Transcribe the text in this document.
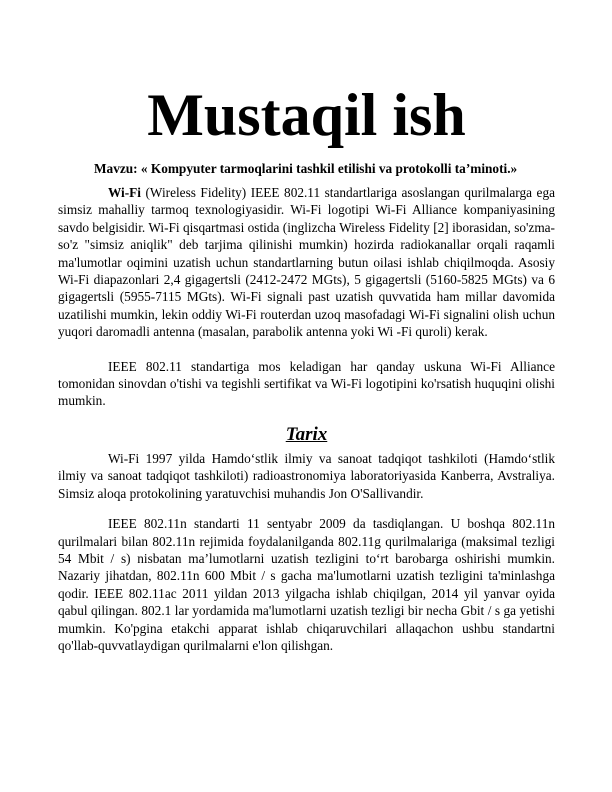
Mustaqil ish

Mavzu: « Kompyuter tarmoqlarini tashkil etilishi va protokolli ta’minoti.»

Wi-Fi (Wireless Fidelity) IEEE 802.11 standartlariga asoslangan qurilmalarga ega simsiz mahalliy tarmoq texnologiyasidir. Wi-Fi logotipi Wi-Fi Alliance kompaniyasining savdo belgisidir. Wi-Fi qisqartmasi ostida (inglizcha Wireless Fidelity [2] iborasidan, so'zma-so'z "simsiz aniqlik" deb tarjima qilinishi mumkin) hozirda radiokanallar orqali raqamli ma'lumotlar oqimini uzatish uchun standartlarning butun oilasi ishlab chiqilmoqda. Asosiy Wi-Fi diapazonlari 2,4 gigagertsli (2412-2472 MGts), 5 gigagertsli (5160-5825 MGts) va 6 gigagertsli (5955-7115 MGts). Wi-Fi signali past uzatish quvvatida ham millar davomida uzatilishi mumkin, lekin oddiy Wi-Fi routerdan uzoq masofadagi Wi-Fi signalini olish uchun yuqori daromadli antenna (masalan, parabolik antenna yoki Wi -Fi quroli) kerak.

IEEE 802.11 standartiga mos keladigan har qanday uskuna Wi-Fi Alliance tomonidan sinovdan o'tishi va tegishli sertifikat va Wi-Fi logotipini ko'rsatish huquqini olishi mumkin.

Tarix

Wi-Fi 1997 yilda Hamdo‘stlik ilmiy va sanoat tadqiqot tashkiloti (Hamdo‘stlik ilmiy va sanoat tadqiqot tashkiloti) radioastronomiya laboratoriyasida Kanberra, Avstraliya. Simsiz aloqa protokolining yaratuvchisi muhandis Jon O'Sallivandir.

IEEE 802.11n standarti 11 sentyabr 2009 da tasdiqlangan. U boshqa 802.11n qurilmalari bilan 802.11n rejimida foydalanilganda 802.11g qurilmalariga (maksimal tezligi 54 Mbit / s) nisbatan ma’lumotlarni uzatish tezligini to‘rt barobarga oshirishi mumkin. Nazariy jihatdan, 802.11n 600 Mbit / s gacha ma'lumotlarni uzatish tezligini ta'minlashga qodir. IEEE 802.11ac 2011 yildan 2013 yilgacha ishlab chiqilgan, 2014 yil yanvar oyida qabul qilingan. 802.1 lar yordamida ma'lumotlarni uzatish tezligi bir necha Gbit / s ga yetishi mumkin. Ko'pgina etakchi apparat ishlab chiqaruvchilari allaqachon ushbu standartni qo'llab-quvvatlaydigan qurilmalarni e'lon qilishgan.
